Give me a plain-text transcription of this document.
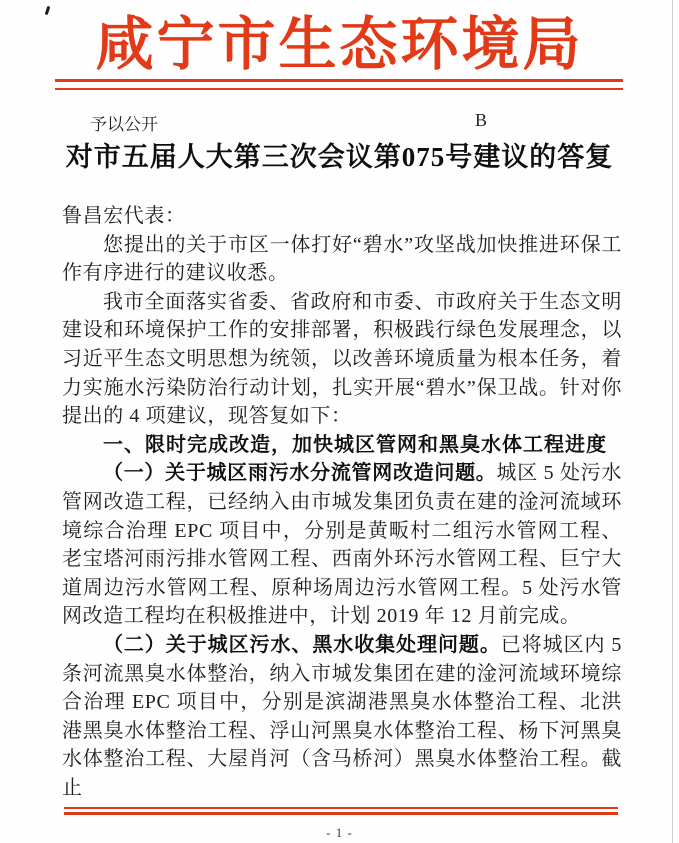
咸宁市生态环境局
予以公开	B
对市五届人大第三次会议第075号建议的答复

鲁昌宏代表：

您提出的关于市区一体打好“碧水”攻坚战加快推进环保工作有序进行的建议收悉。

我市全面落实省委、省政府和市委、市政府关于生态文明建设和环境保护工作的安排部署，积极践行绿色发展理念，以习近平生态文明思想为统领，以改善环境质量为根本任务，着力实施水污染防治行动计划，扎实开展“碧水”保卫战。针对你提出的 4 项建议，现答复如下：

一、限时完成改造，加快城区管网和黑臭水体工程进度

（一）关于城区雨污水分流管网改造问题。城区 5 处污水管网改造工程，已经纳入由市城发集团负责在建的淦河流域环境综合治理 EPC 项目中，分别是黄畈村二组污水管网工程、老宝塔河雨污排水管网工程、西南外环污水管网工程、巨宁大道周边污水管网工程、原种场周边污水管网工程。5 处污水管网改造工程均在积极推进中，计划 2019 年 12 月前完成。

（二）关于城区污水、黑水收集处理问题。已将城区内 5 条河流黑臭水体整治，纳入市城发集团在建的淦河流域环境综合治理 EPC 项目中，分别是滨湖港黑臭水体整治工程、北洪港黑臭水体整治工程、浮山河黑臭水体整治工程、杨下河黑臭水体整治工程、大屋肖河（含马桥河）黑臭水体整治工程。截止

- 1 -
